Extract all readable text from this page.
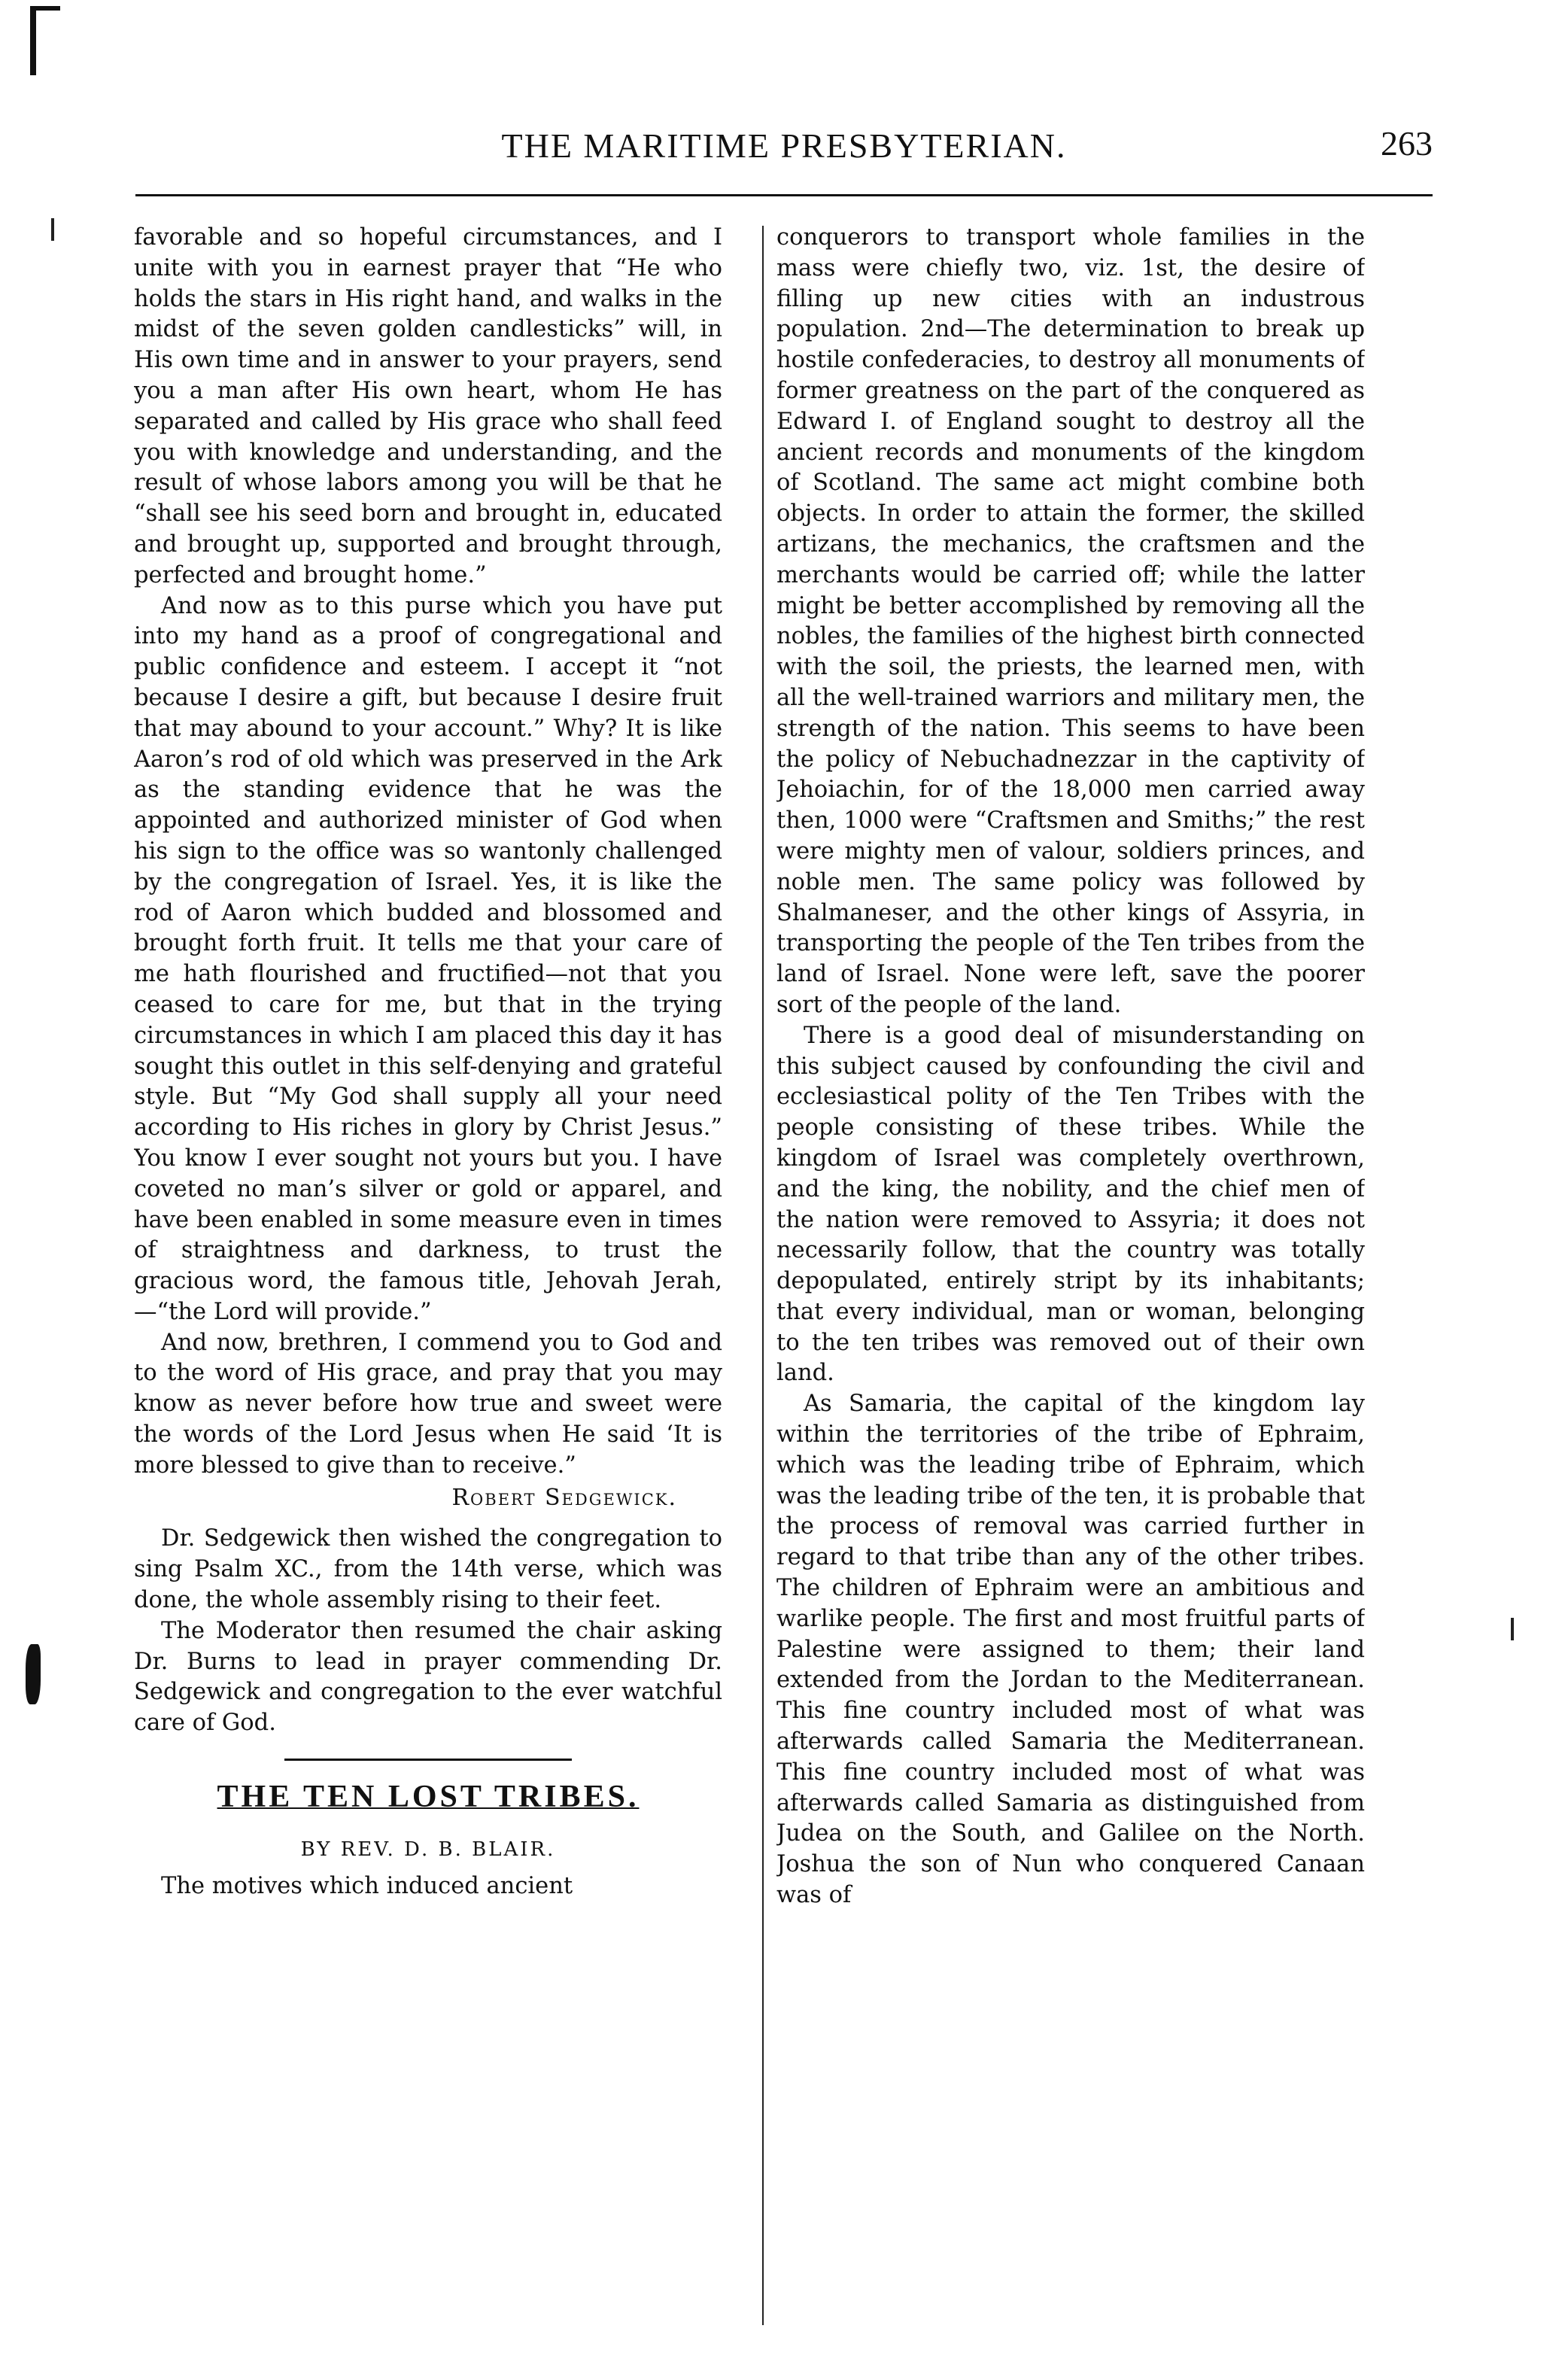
THE MARITIME PRESBYTERIAN.	263

favorable and so hopeful circumstances, and I unite with you in earnest prayer that “He who holds the stars in His right hand, and walks in the midst of the seven golden candlesticks” will, in His own time and in answer to your prayers, send you a man after His own heart, whom He has separated and called by His grace who shall feed you with knowledge and understanding, and the result of whose labors among you will be that he “shall see his seed born and brought in, educated and brought up, supported and brought through, perfected and brought home.”

And now as to this purse which you have put into my hand as a proof of congregational and public confidence and esteem. I accept it “not because I desire a gift, but because I desire fruit that may abound to your account.” Why? It is like Aaron’s rod of old which was preserved in the Ark as the standing evidence that he was the appointed and authorized minister of God when his sign to the office was so wantonly challenged by the congregation of Israel. Yes, it is like the rod of Aaron which budded and blossomed and brought forth fruit. It tells me that your care of me hath flourished and fructified—not that you ceased to care for me, but that in the trying circumstances in which I am placed this day it has sought this outlet in this self-denying and grateful style. But “My God shall supply all your need according to His riches in glory by Christ Jesus.” You know I ever sought not yours but you. I have coveted no man’s silver or gold or apparel, and have been enabled in some measure even in times of straightness and darkness, to trust the gracious word, the famous title, Jehovah Jerah,—“the Lord will provide.”

And now, brethren, I commend you to God and to the word of His grace, and pray that you may know as never before how true and sweet were the words of the Lord Jesus when He said ‘It is more blessed to give than to receive.”

Robert Sedgewick.

Dr. Sedgewick then wished the congregation to sing Psalm XC., from the 14th verse, which was done, the whole assembly rising to their feet.

The Moderator then resumed the chair asking Dr. Burns to lead in prayer commending Dr. Sedgewick and congregation to the ever watchful care of God.

THE TEN LOST TRIBES.
BY REV. D. B. BLAIR.

The motives which induced ancient

conquerors to transport whole families in the mass were chiefly two, viz. 1st, the desire of filling up new cities with an industrous population. 2nd—The determination to break up hostile confederacies, to destroy all monuments of former greatness on the part of the conquered as Edward I. of England sought to destroy all the ancient records and monuments of the kingdom of Scotland. The same act might combine both objects. In order to attain the former, the skilled artizans, the mechanics, the craftsmen and the merchants would be carried off; while the latter might be better accomplished by removing all the nobles, the families of the highest birth connected with the soil, the priests, the learned men, with all the well-trained warriors and military men, the strength of the nation. This seems to have been the policy of Nebuchadnezzar in the captivity of Jehoiachin, for of the 18,000 men carried away then, 1000 were “Craftsmen and Smiths;” the rest were mighty men of valour, soldiers princes, and noble men. The same policy was followed by Shalmaneser, and the other kings of Assyria, in transporting the people of the Ten tribes from the land of Israel. None were left, save the poorer sort of the people of the land.

There is a good deal of misunderstanding on this subject caused by confounding the civil and ecclesiastical polity of the Ten Tribes with the people consisting of these tribes. While the kingdom of Israel was completely overthrown, and the king, the nobility, and the chief men of the nation were removed to Assyria; it does not necessarily follow, that the country was totally depopulated, entirely stript by its inhabitants; that every individual, man or woman, belonging to the ten tribes was removed out of their own land.

As Samaria, the capital of the kingdom lay within the territories of the tribe of Ephraim, which was the leading tribe of Ephraim, which was the leading tribe of the ten, it is probable that the process of removal was carried further in regard to that tribe than any of the other tribes. The children of Ephraim were an ambitious and warlike people. The first and most fruitful parts of Palestine were assigned to them; their land extended from the Jordan to the Mediterranean. This fine country included most of what was afterwards called Samaria the Mediterranean. This fine country included most of what was afterwards called Samaria as distinguished from Judea on the South, and Galilee on the North. Joshua the son of Nun who conquered Canaan was of
